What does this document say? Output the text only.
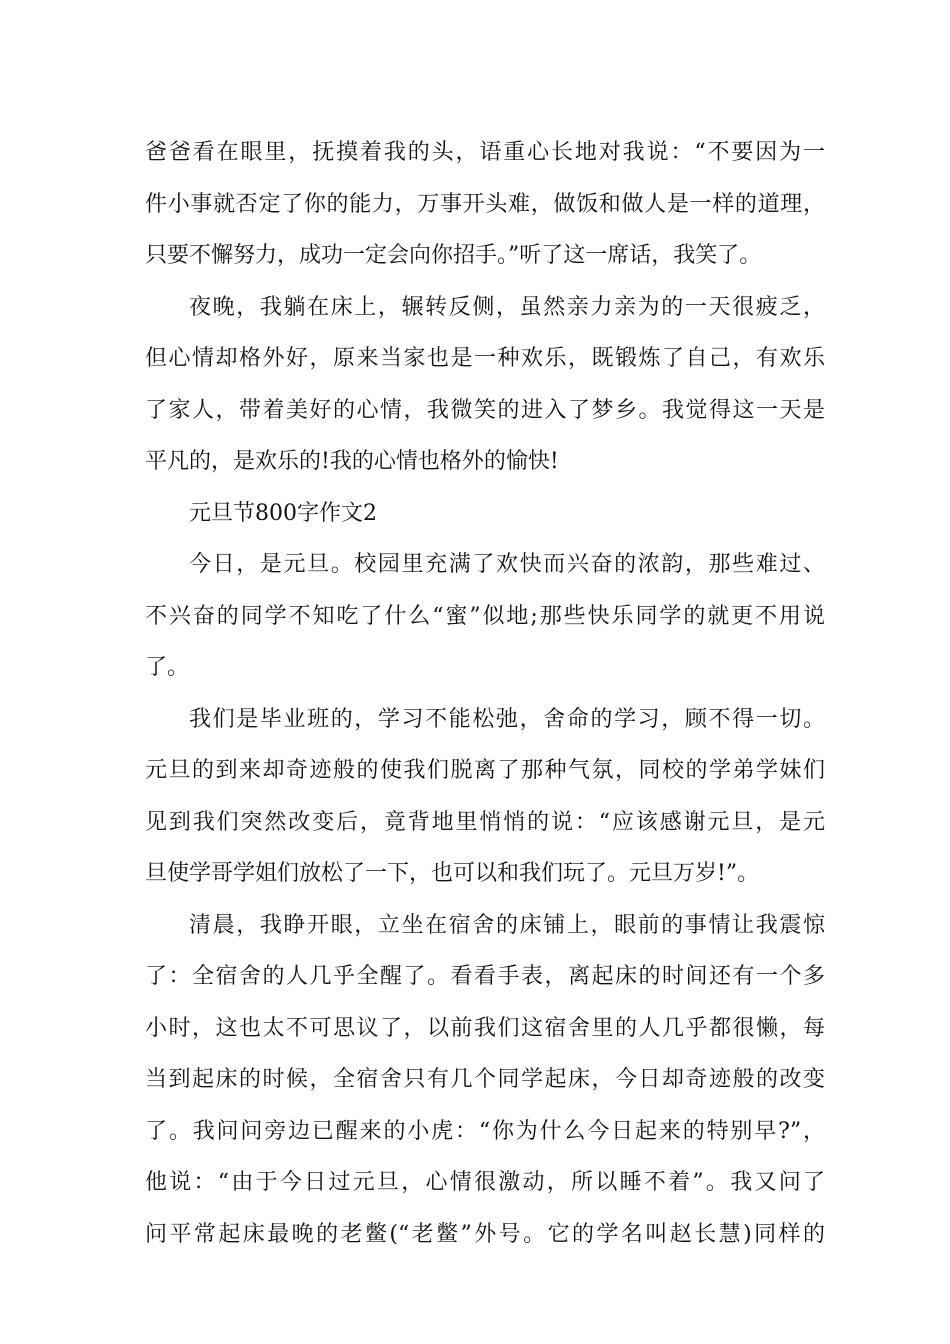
爸爸看在眼里，抚摸着我的头，语重心长地对我说：“不要因为一
件小事就否定了你的能力，万事开头难，做饭和做人是一样的道理，
只要不懈努力，成功一定会向你招手。”听了这一席话，我笑了。
夜晚，我躺在床上，辗转反侧，虽然亲力亲为的一天很疲乏，
但心情却格外好，原来当家也是一种欢乐，既锻炼了自己，有欢乐
了家人，带着美好的心情，我微笑的进入了梦乡。我觉得这一天是
平凡的，是欢乐的!我的心情也格外的愉快!
元旦节800字作文2
今日，是元旦。校园里充满了欢快而兴奋的浓韵，那些难过、
不兴奋的同学不知吃了什么“蜜”似地;那些快乐同学的就更不用说
了。
我们是毕业班的，学习不能松弛，舍命的学习，顾不得一切。
元旦的到来却奇迹般的使我们脱离了那种气氛，同校的学弟学妹们
见到我们突然改变后，竟背地里悄悄的说：“应该感谢元旦，是元
旦使学哥学姐们放松了一下，也可以和我们玩了。元旦万岁!”。
清晨，我睁开眼，立坐在宿舍的床铺上，眼前的事情让我震惊
了：全宿舍的人几乎全醒了。看看手表，离起床的时间还有一个多
小时，这也太不可思议了，以前我们这宿舍里的人几乎都很懒，每
当到起床的时候，全宿舍只有几个同学起床，今日却奇迹般的改变
了。我问问旁边已醒来的小虎：“你为什么今日起来的特别早?”，
他说：“由于今日过元旦，心情很激动，所以睡不着”。我又问了
问平常起床最晚的老鳖(“老鳖”外号。它的学名叫赵长慧)同样的
